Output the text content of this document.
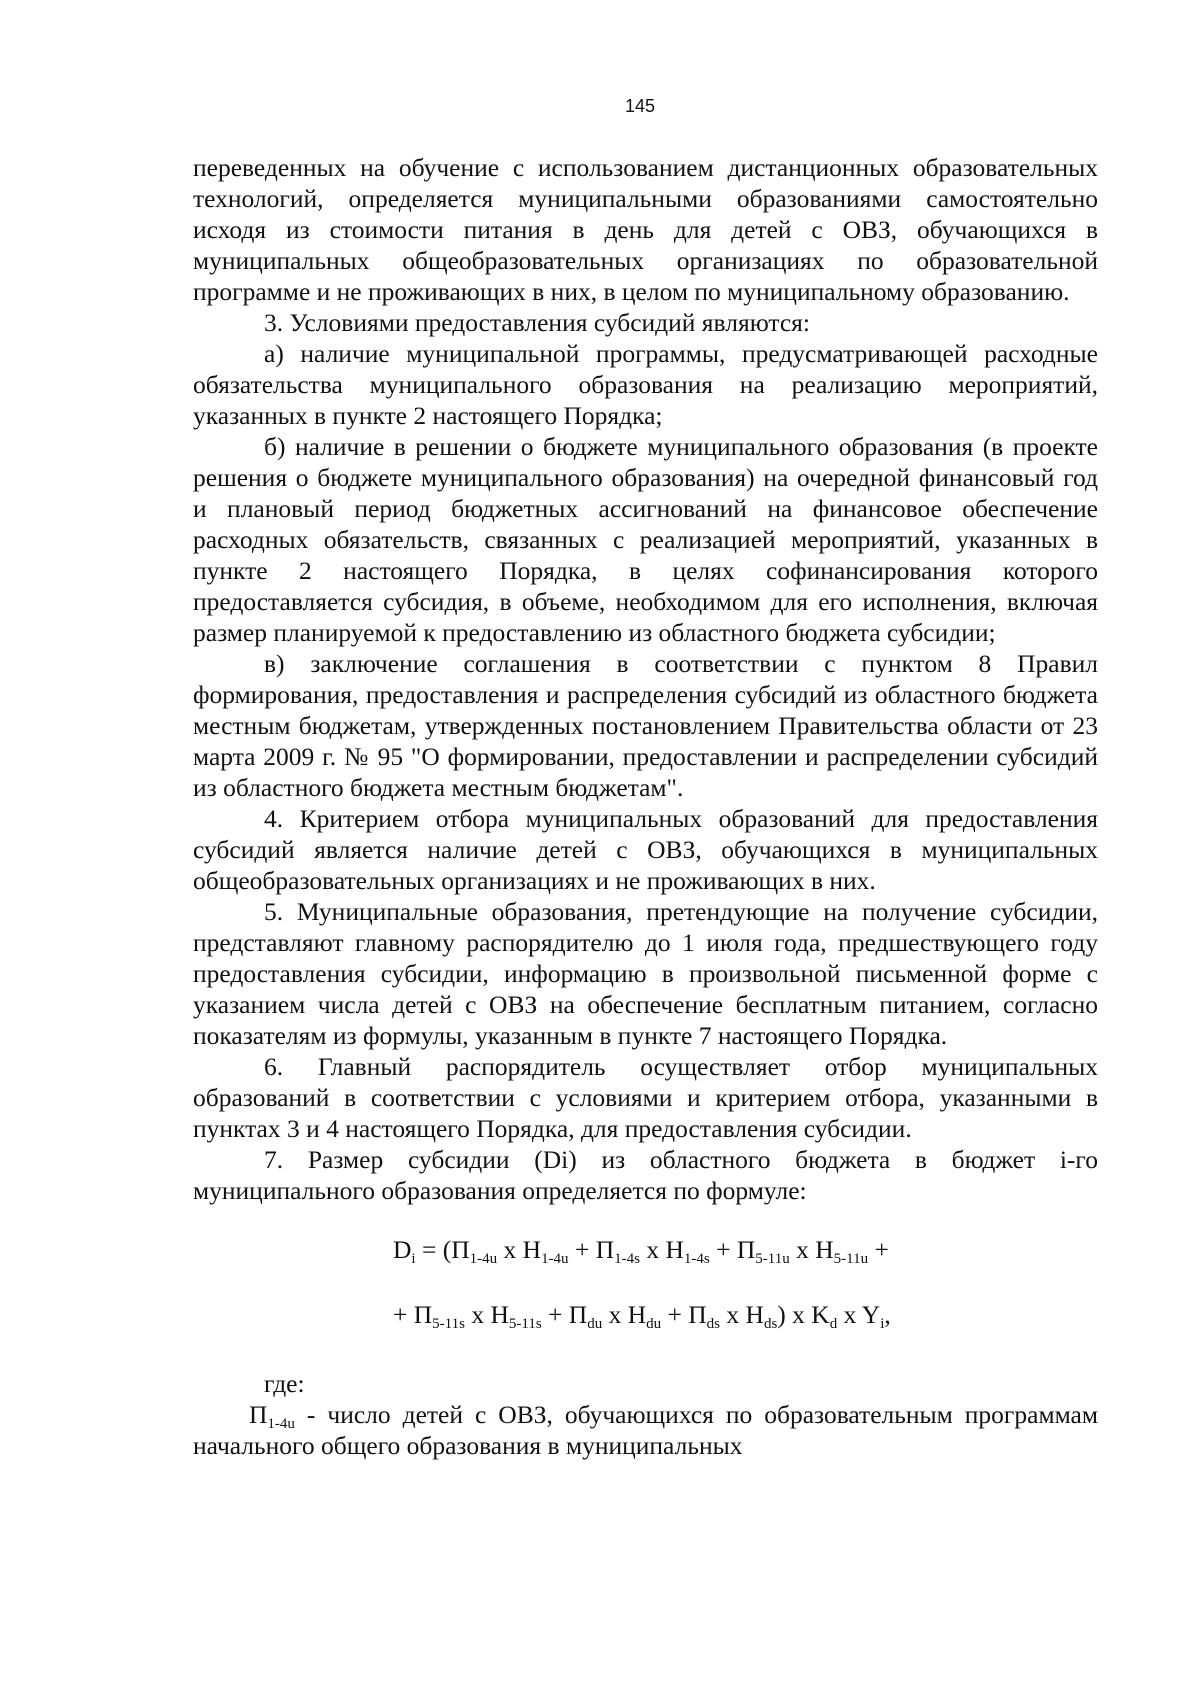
145

переведенных на обучение с использованием дистанционных образовательных технологий, определяется муниципальными образованиями самостоятельно исходя из стоимости питания в день для детей с ОВЗ, обучающихся в муниципальных общеобразовательных организациях по образовательной программе и не проживающих в них, в целом по муниципальному образованию.

3. Условиями предоставления субсидий являются:

а) наличие муниципальной программы, предусматривающей расходные обязательства муниципального образования на реализацию мероприятий, указанных в пункте 2 настоящего Порядка;

б) наличие в решении о бюджете муниципального образования (в проекте решения о бюджете муниципального образования) на очередной финансовый год и плановый период бюджетных ассигнований на финансовое обеспечение расходных обязательств, связанных с реализацией мероприятий, указанных в пункте 2 настоящего Порядка, в целях софинансирования которого предоставляется субсидия, в объеме, необходимом для его исполнения, включая размер планируемой к предоставлению из областного бюджета субсидии;

в) заключение соглашения в соответствии с пунктом 8 Правил формирования, предоставления и распределения субсидий из областного бюджета местным бюджетам, утвержденных постановлением Правительства области от 23 марта 2009 г. № 95 "О формировании, предоставлении и распределении субсидий из областного бюджета местным бюджетам".

4. Критерием отбора муниципальных образований для предоставления субсидий является наличие детей с ОВЗ, обучающихся в муниципальных общеобразовательных организациях и не проживающих в них.

5. Муниципальные образования, претендующие на получение субсидии, представляют главному распорядителю до 1 июля года, предшествующего году предоставления субсидии, информацию в произвольной письменной форме с указанием числа детей с ОВЗ на обеспечение бесплатным питанием, согласно показателям из формулы, указанным в пункте 7 настоящего Порядка.

6. Главный распорядитель осуществляет отбор муниципальных образований в соответствии с условиями и критерием отбора, указанными в пунктах 3 и 4 настоящего Порядка, для предоставления субсидии.

7. Размер субсидии (Di) из областного бюджета в бюджет i-го муниципального образования определяется по формуле:

$D_i = (П_{1-4u}$ x $Н_{1-4u} + П_{1-4s}$ x $Н_{1-4s} + П_{5-11u}$ x $Н_{5-11u}$ +
+ $П_{5-11s}$ x $Н_{5-11s} + П_{du}$ x $Н_{du} + П_{ds}$ x $Н_{ds}$) x $K_d$ x $Y_i$,

где:

$П_{1-4u}$ - число детей с ОВЗ, обучающихся по образовательным программам начального общего образования в муниципальных
